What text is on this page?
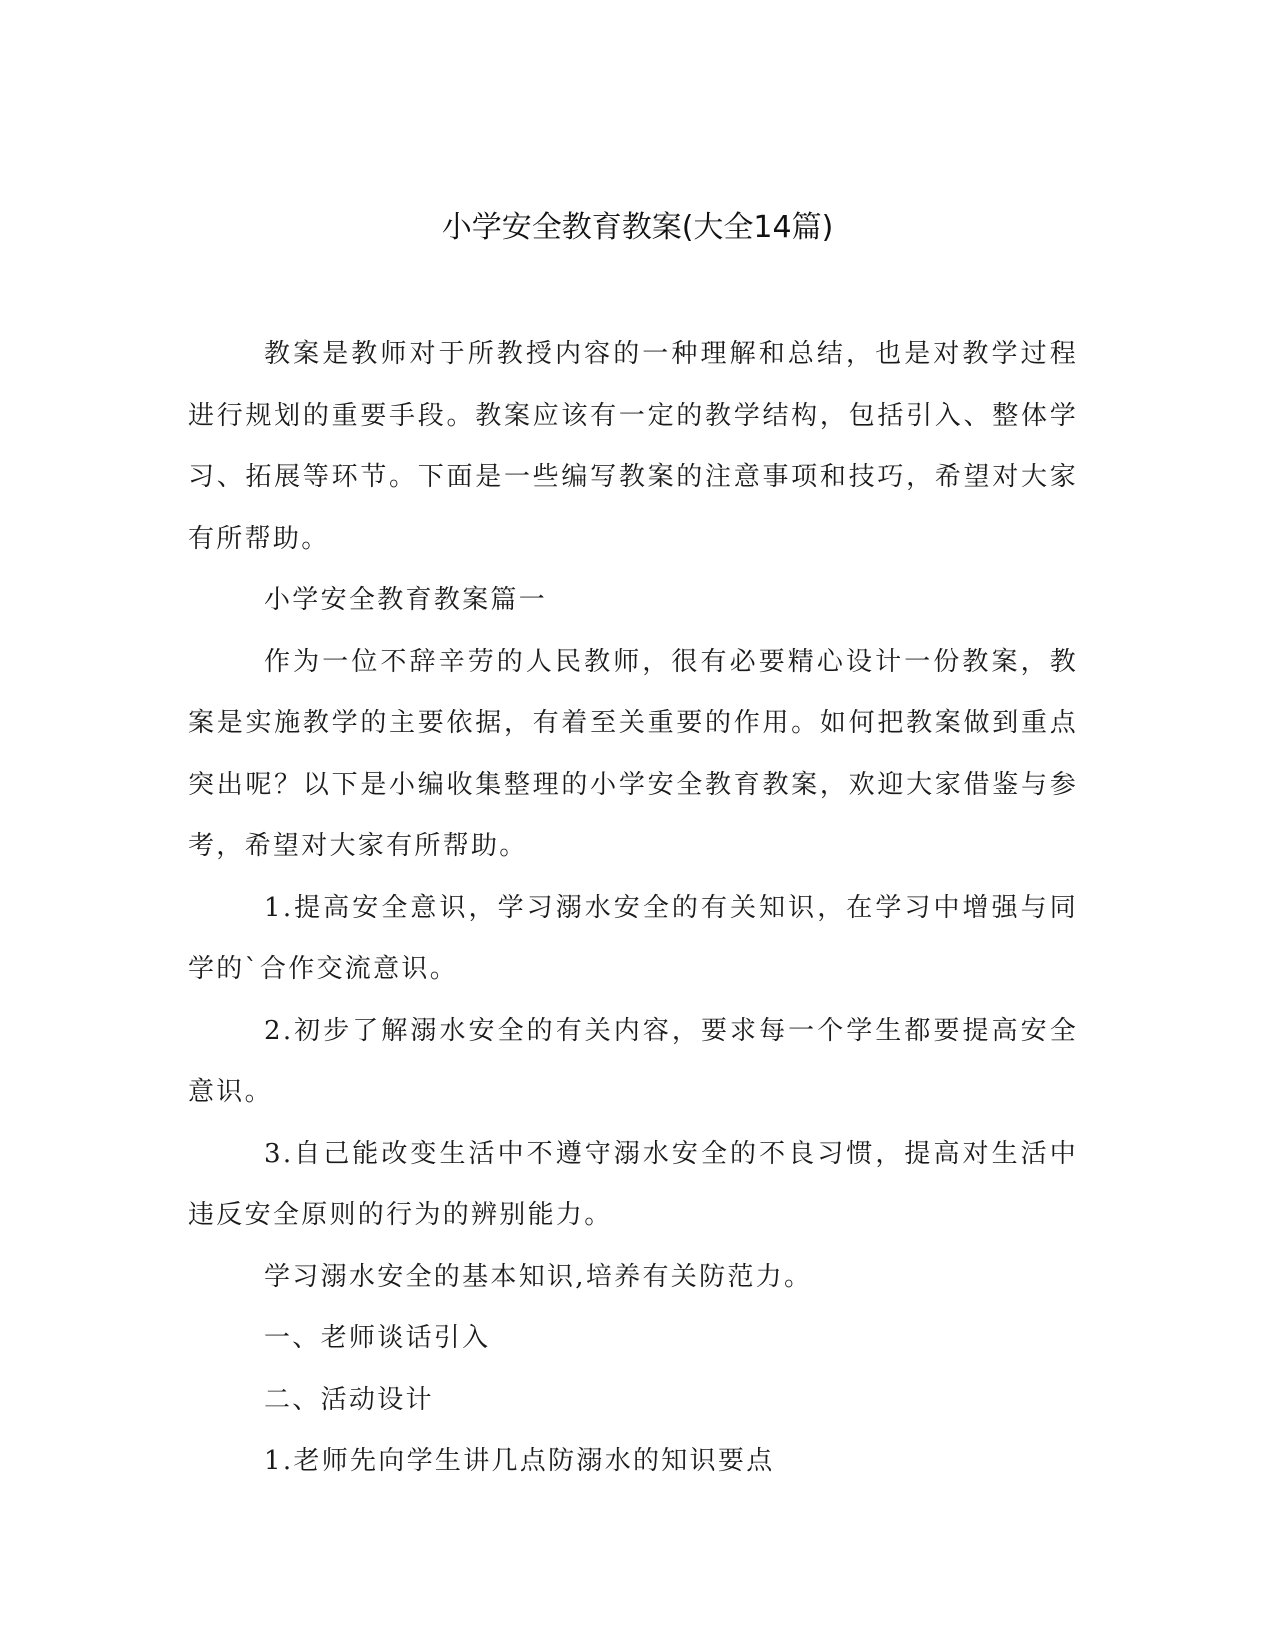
小学安全教育教案(大全14篇)

教案是教师对于所教授内容的一种理解和总结，也是对教学过程进行规划的重要手段。教案应该有一定的教学结构，包括引入、整体学习、拓展等环节。下面是一些编写教案的注意事项和技巧，希望对大家有所帮助。

小学安全教育教案篇一

作为一位不辞辛劳的人民教师，很有必要精心设计一份教案，教案是实施教学的主要依据，有着至关重要的作用。如何把教案做到重点突出呢？以下是小编收集整理的小学安全教育教案，欢迎大家借鉴与参考，希望对大家有所帮助。

1.提高安全意识，学习溺水安全的有关知识，在学习中增强与同学的`合作交流意识。

2.初步了解溺水安全的有关内容，要求每一个学生都要提高安全意识。

3.自己能改变生活中不遵守溺水安全的不良习惯，提高对生活中违反安全原则的行为的辨别能力。

学习溺水安全的基本知识,培养有关防范力。

一、老师谈话引入

二、活动设计

1.老师先向学生讲几点防溺水的知识要点
